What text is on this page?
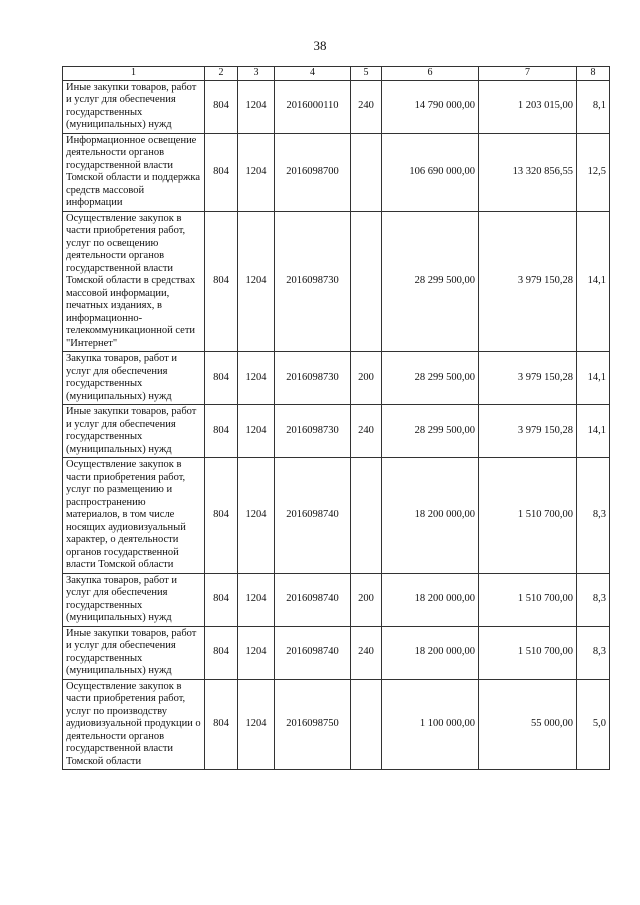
38
1	2	3	4	5	6	7	8
Иные закупки товаров, работ и услуг для обеспечения государственных (муниципальных) нужд	804	1204	2016000110	240	14 790 000,00	1 203 015,00	8,1
Информационное освещение деятельности органов государственной власти Томской области и поддержка средств массовой информации	804	1204	2016098700		106 690 000,00	13 320 856,55	12,5
Осуществление закупок в части приобретения работ, услуг по освещению деятельности органов государственной власти Томской области в средствах массовой информации, печатных изданиях, в информационно-телекоммуникационной сети "Интернет"	804	1204	2016098730		28 299 500,00	3 979 150,28	14,1
Закупка товаров, работ и услуг для обеспечения государственных (муниципальных) нужд	804	1204	2016098730	200	28 299 500,00	3 979 150,28	14,1
Иные закупки товаров, работ и услуг для обеспечения государственных (муниципальных) нужд	804	1204	2016098730	240	28 299 500,00	3 979 150,28	14,1
Осуществление закупок в части приобретения работ, услуг по размещению и распространению материалов, в том числе носящих аудиовизуальный характер, о деятельности органов государственной власти Томской области	804	1204	2016098740		18 200 000,00	1 510 700,00	8,3
Закупка товаров, работ и услуг для обеспечения государственных (муниципальных) нужд	804	1204	2016098740	200	18 200 000,00	1 510 700,00	8,3
Иные закупки товаров, работ и услуг для обеспечения государственных (муниципальных) нужд	804	1204	2016098740	240	18 200 000,00	1 510 700,00	8,3
Осуществление закупок в части приобретения работ, услуг по производству аудиовизуальной продукции о деятельности органов государственной власти Томской области	804	1204	2016098750		1 100 000,00	55 000,00	5,0
